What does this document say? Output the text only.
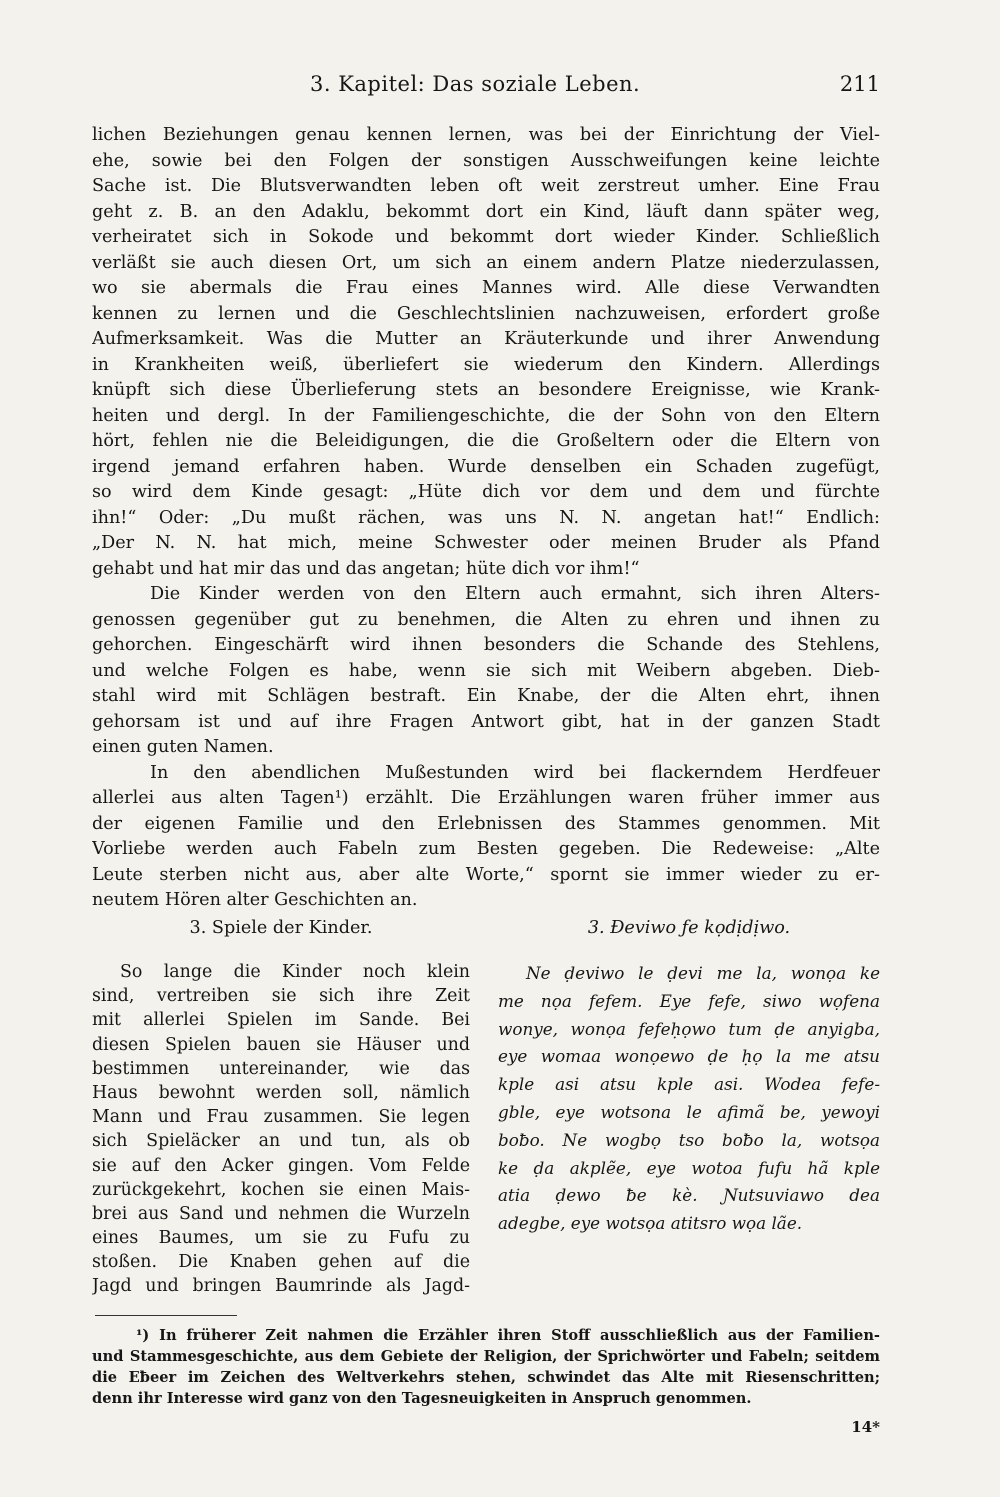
3. Kapitel: Das soziale Leben.	211
lichen Beziehungen genau kennen lernen, was bei der Einrichtung der Viel-
ehe, sowie bei den Folgen der sonstigen Ausschweifungen keine leichte
Sache ist. Die Blutsverwandten leben oft weit zerstreut umher. Eine Frau
geht z. B. an den Adaklu, bekommt dort ein Kind, läuft dann später weg,
verheiratet sich in Sokode und bekommt dort wieder Kinder. Schließlich
verläßt sie auch diesen Ort, um sich an einem andern Platze niederzulassen,
wo sie abermals die Frau eines Mannes wird. Alle diese Verwandten
kennen zu lernen und die Geschlechtslinien nachzuweisen, erfordert große
Aufmerksamkeit. Was die Mutter an Kräuterkunde und ihrer Anwendung
in Krankheiten weiß, überliefert sie wiederum den Kindern. Allerdings
knüpft sich diese Überlieferung stets an besondere Ereignisse, wie Krank-
heiten und dergl. In der Familiengeschichte, die der Sohn von den Eltern
hört, fehlen nie die Beleidigungen, die die Großeltern oder die Eltern von
irgend jemand erfahren haben. Wurde denselben ein Schaden zugefügt,
so wird dem Kinde gesagt: „Hüte dich vor dem und dem und fürchte
ihn!“ Oder: „Du mußt rächen, was uns N. N. angetan hat!“ Endlich:
„Der N. N. hat mich, meine Schwester oder meinen Bruder als Pfand
gehabt und hat mir das und das angetan; hüte dich vor ihm!“
Die Kinder werden von den Eltern auch ermahnt, sich ihren Alters-
genossen gegenüber gut zu benehmen, die Alten zu ehren und ihnen zu
gehorchen. Eingeschärft wird ihnen besonders die Schande des Stehlens,
und welche Folgen es habe, wenn sie sich mit Weibern abgeben. Dieb-
stahl wird mit Schlägen bestraft. Ein Knabe, der die Alten ehrt, ihnen
gehorsam ist und auf ihre Fragen Antwort gibt, hat in der ganzen Stadt
einen guten Namen.
In den abendlichen Mußestunden wird bei flackerndem Herdfeuer
allerlei aus alten Tagen¹) erzählt. Die Erzählungen waren früher immer aus
der eigenen Familie und den Erlebnissen des Stammes genommen. Mit
Vorliebe werden auch Fabeln zum Besten gegeben. Die Redeweise: „Alte
Leute sterben nicht aus, aber alte Worte,“ spornt sie immer wieder zu er-
neutem Hören alter Geschichten an.
3. Spiele der Kinder.
So lange die Kinder noch klein
sind, vertreiben sie sich ihre Zeit
mit allerlei Spielen im Sande. Bei
diesen Spielen bauen sie Häuser und
bestimmen untereinander, wie das
Haus bewohnt werden soll, nämlich
Mann und Frau zusammen. Sie legen
sich Spieläcker an und tun, als ob
sie auf den Acker gingen. Vom Felde
zurückgekehrt, kochen sie einen Mais-
brei aus Sand und nehmen die Wurzeln
eines Baumes, um sie zu Fufu zu
stoßen. Die Knaben gehen auf die
Jagd und bringen Baumrinde als Jagd-
3. Ɖeviwo ƒe kọdịdịwo.
Ne ḍeviwo le ḍevi me la, wonọa ke
me nọa fefem. Eye fefe, siwo wọfena
wonye, wonọa fefeḥọwo tum ḍe anyigba,
eye womaa wonọewo ḍe ḥọ la me atsu
kple asi atsu kple asi. Wodea fefe-
gble, eye wotsona le afimã be, yewoyi
boƀo. Ne wogbọ tso boƀo la, wotsọa
ke ḍa akplẽe, eye wotoa fufu hã kple
atia ḍewo ƀe kè. Ɲutsuviawo dea
adegbe, eye wotsọa atitsro wọa lãe.
¹) In früherer Zeit nahmen die Erzähler ihren Stoff ausschließlich aus der Familien-
und Stammesgeschichte, aus dem Gebiete der Religion, der Sprichwörter und Fabeln; seitdem
die Eƀeer im Zeichen des Weltverkehrs stehen, schwindet das Alte mit Riesenschritten;
denn ihr Interesse wird ganz von den Tagesneuigkeiten in Anspruch genommen.
14*
